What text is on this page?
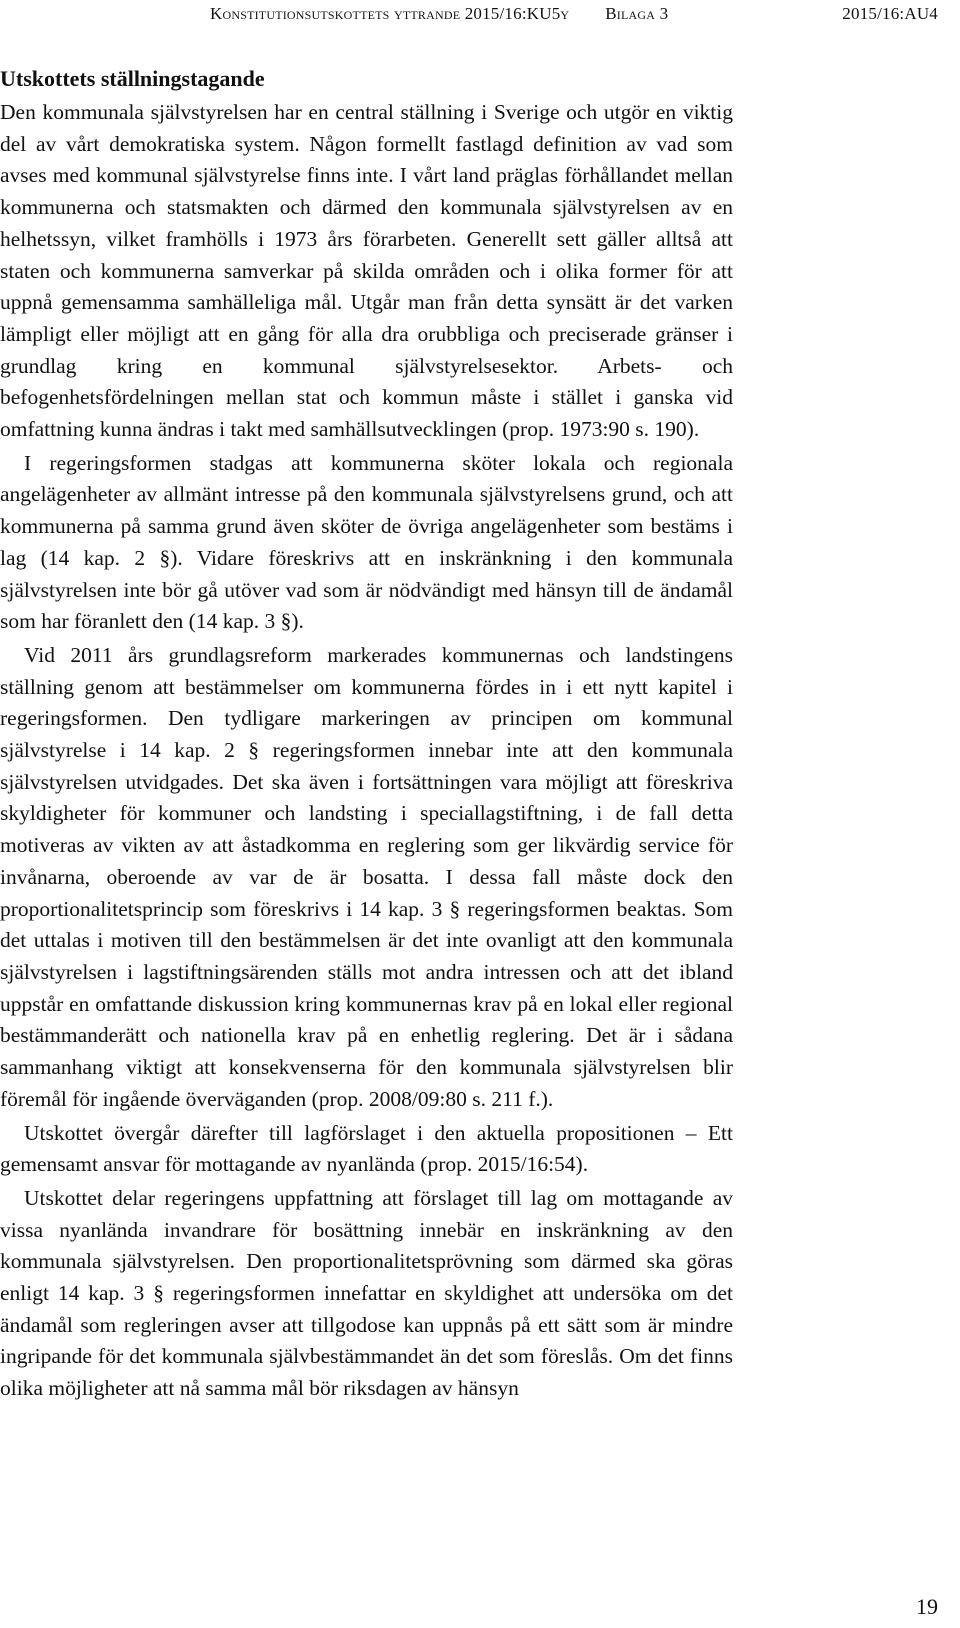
Konstitutionsutskottets yttrande 2015/16:KU5y Bilaga 3	2015/16:AU4
Utskottets ställningstagande

Den kommunala självstyrelsen har en central ställning i Sverige och utgör en viktig del av vårt demokratiska system. Någon formellt fastlagd definition av vad som avses med kommunal självstyrelse finns inte. I vårt land präglas förhållandet mellan kommunerna och statsmakten och därmed den kommunala självstyrelsen av en helhetssyn, vilket framhölls i 1973 års förarbeten. Generellt sett gäller alltså att staten och kommunerna samverkar på skilda områden och i olika former för att uppnå gemensamma samhälleliga mål. Utgår man från detta synsätt är det varken lämpligt eller möjligt att en gång för alla dra orubbliga och preciserade gränser i grundlag kring en kommunal självstyrelsesektor. Arbets- och befogenhetsfördelningen mellan stat och kommun måste i stället i ganska vid omfattning kunna ändras i takt med samhällsutvecklingen (prop. 1973:90 s. 190).

I regeringsformen stadgas att kommunerna sköter lokala och regionala angelägenheter av allmänt intresse på den kommunala självstyrelsens grund, och att kommunerna på samma grund även sköter de övriga angelägenheter som bestäms i lag (14 kap. 2 §). Vidare föreskrivs att en inskränkning i den kommunala självstyrelsen inte bör gå utöver vad som är nödvändigt med hänsyn till de ändamål som har föranlett den (14 kap. 3 §).

Vid 2011 års grundlagsreform markerades kommunernas och landstingens ställning genom att bestämmelser om kommunerna fördes in i ett nytt kapitel i regeringsformen. Den tydligare markeringen av principen om kommunal självstyrelse i 14 kap. 2 § regeringsformen innebar inte att den kommunala självstyrelsen utvidgades. Det ska även i fortsättningen vara möjligt att föreskriva skyldigheter för kommuner och landsting i speciallagstiftning, i de fall detta motiveras av vikten av att åstadkomma en reglering som ger likvärdig service för invånarna, oberoende av var de är bosatta. I dessa fall måste dock den proportionalitetsprincip som föreskrivs i 14 kap. 3 § regeringsformen beaktas. Som det uttalas i motiven till den bestämmelsen är det inte ovanligt att den kommunala självstyrelsen i lagstiftningsärenden ställs mot andra intressen och att det ibland uppstår en omfattande diskussion kring kommunernas krav på en lokal eller regional bestämmanderätt och nationella krav på en enhetlig reglering. Det är i sådana sammanhang viktigt att konsekvenserna för den kommunala självstyrelsen blir föremål för ingående överväganden (prop. 2008/09:80 s. 211 f.).

Utskottet övergår därefter till lagförslaget i den aktuella propositionen – Ett gemensamt ansvar för mottagande av nyanlända (prop. 2015/16:54).

Utskottet delar regeringens uppfattning att förslaget till lag om mottagande av vissa nyanlända invandrare för bosättning innebär en inskränkning av den kommunala självstyrelsen. Den proportionalitetsprövning som därmed ska göras enligt 14 kap. 3 § regeringsformen innefattar en skyldighet att undersöka om det ändamål som regleringen avser att tillgodose kan uppnås på ett sätt som är mindre ingripande för det kommunala självbestämmandet än det som föreslås. Om det finns olika möjligheter att nå samma mål bör riksdagen av hänsyn

19
